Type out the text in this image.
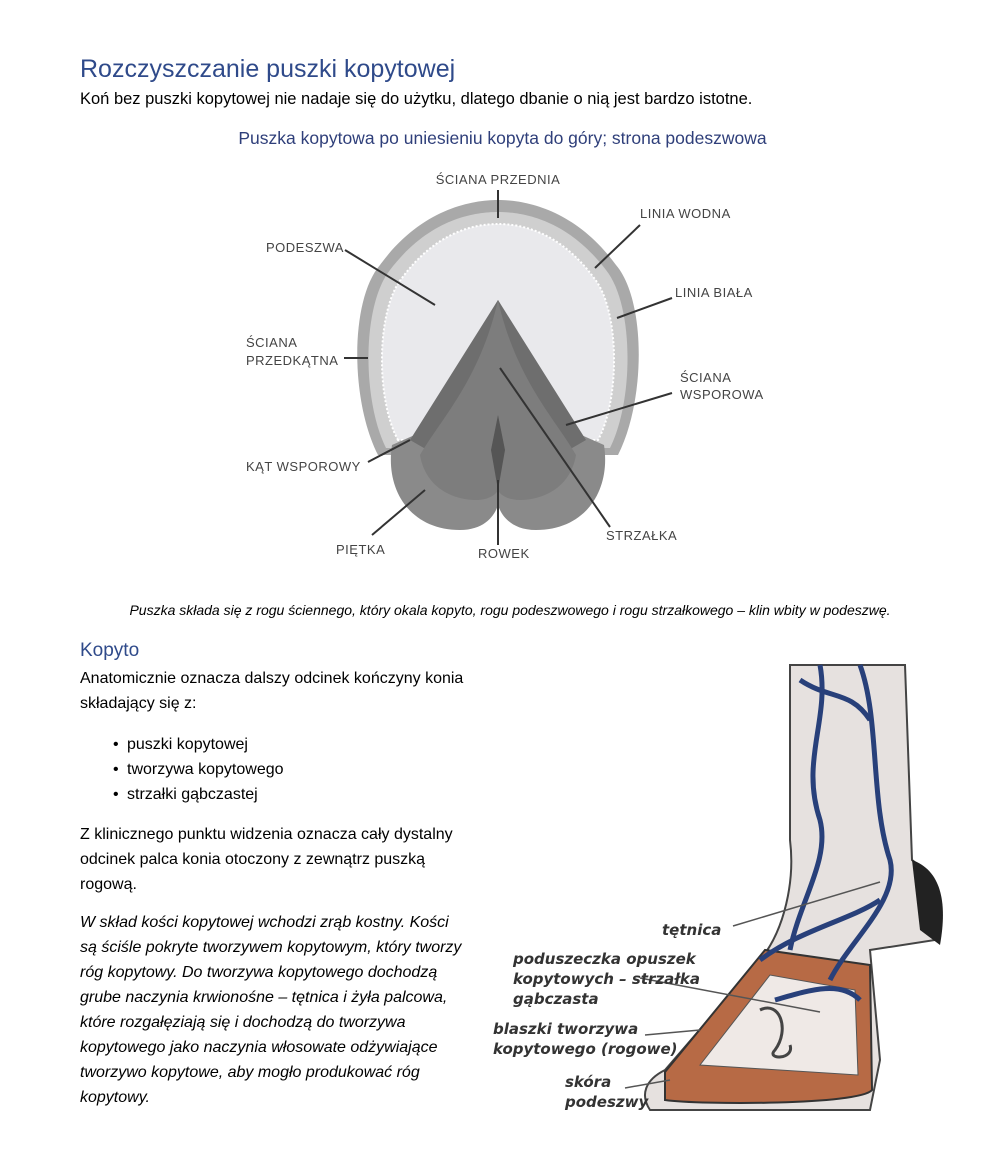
Rozczyszczanie puszki kopytowej
Koń bez puszki kopytowej nie nadaje się do użytku, dlatego dbanie o nią jest bardzo istotne.
Puszka kopytowa po uniesieniu kopyta do góry; strona podeszwowa
ŚCIANA PRZEDNIA
LINIA WODNA
PODESZWA
LINIA BIAŁA
ŚCIANA
PRZEDKĄTNA
ŚCIANA
WSPOROWA
KĄT WSPOROWY
PIĘTKA	ROWEK
STRZAŁKA
Puszka składa się z rogu ściennego, który okala kopyto, rogu podeszwowego i rogu strzałkowego – klin wbity w podeszwę.
Kopyto
Anatomicznie oznacza dalszy odcinek kończyny konia składający się z:
• puszki kopytowej
• tworzywa kopytowego
• strzałki gąbczastej
Z klinicznego punktu widzenia oznacza cały dystalny odcinek palca konia otoczony z zewnątrz puszką rogową.
W skład kości kopytowej wchodzi zrąb kostny. Kości są ściśle pokryte tworzywem kopytowym, który tworzy róg kopytowy. Do tworzywa kopytowego dochodzą grube naczynia krwionośne – tętnica i żyła palcowa, które rozgałęziają się i dochodzą do tworzywa kopytowego jako naczynia włosowate odżywiające tworzywo kopytowe, aby mogło produkować róg kopytowy.
tętnica
poduszeczka opuszek
kopytowych – strzałka
gąbczasta
blaszki tworzywa
kopytowego (rogowe)
skóra
podeszwy
